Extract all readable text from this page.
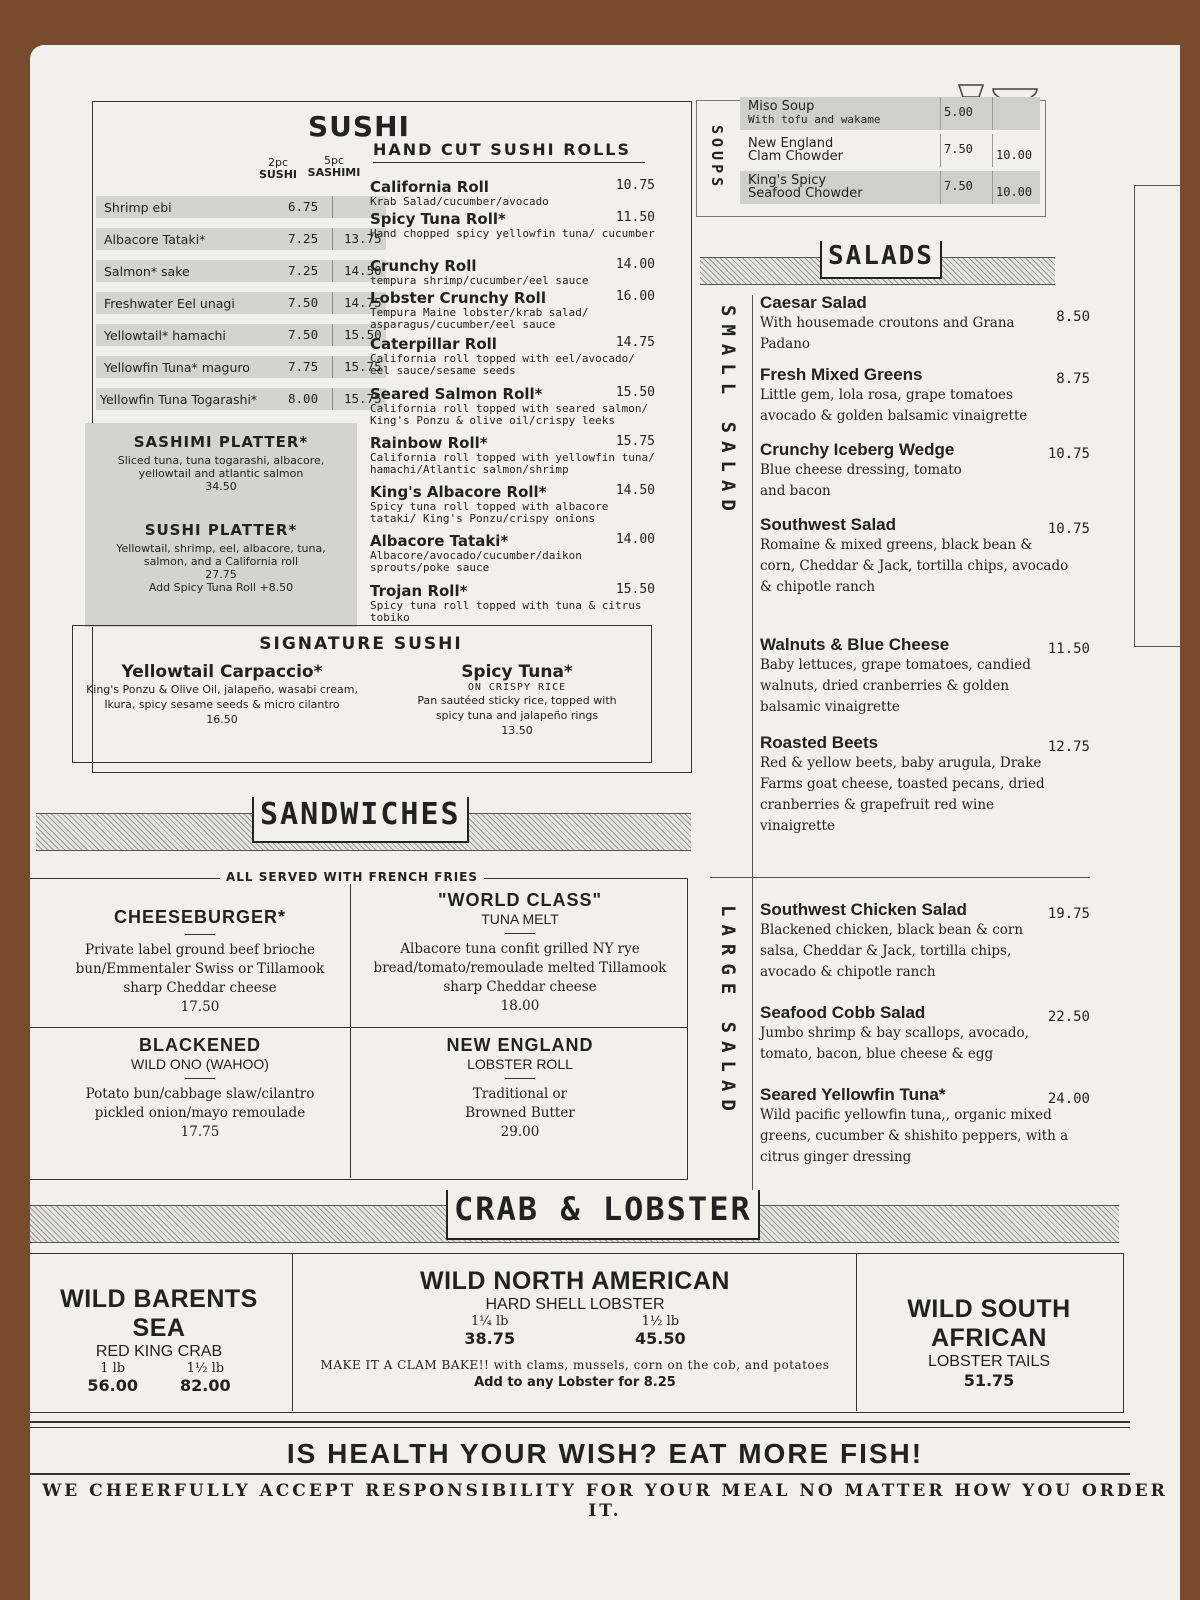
SUSHI
2pc
SUSHI
5pc
SASHIMI
Shrimp ebi	6.75
Albacore Tataki*	7.25 13.75
Salmon* sake	7.25 14.50
Freshwater Eel unagi	7.50 14.75
Yellowtail* hamachi	7.50 15.50
Yellowfin Tuna* maguro	7.75 15.75
Yellowfin Tuna Togarashi* 8.00 15.75
SASHIMI PLATTER*
Sliced tuna, tuna togarashi, albacore, yellowtail and atlantic salmon
34.50
SUSHI PLATTER*
Yellowtail, shrimp, eel, albacore, tuna, salmon, and a California roll
27.75
Add Spicy Tuna Roll +8.50
HAND CUT SUSHI ROLLS
California Roll
Krab Salad/cucumber/avocado
10.75
Spicy Tuna Roll*
Hand chopped spicy yellowfin tuna/ cucumber
11.50
Crunchy Roll
tempura shrimp/cucumber/eel sauce
14.00
Lobster Crunchy Roll
Tempura Maine lobster/krab salad/ asparagus/cucumber/eel sauce
16.00
Caterpillar Roll
California roll topped with eel/avocado/ eel sauce/sesame seeds
14.75
Seared Salmon Roll*
California roll topped with seared salmon/ King's Ponzu & olive oil/crispy leeks
15.50
Rainbow Roll*
California roll topped with yellowfin tuna/ hamachi/Atlantic salmon/shrimp
15.75
King's Albacore Roll*
Spicy tuna roll topped with albacore tataki/ King's Ponzu/crispy onions
14.50
Albacore Tataki*
Albacore/avocado/cucumber/daikon sprouts/poke sauce
14.00
Trojan Roll*
Spicy tuna roll topped with tuna & citrus tobiko
15.50
SIGNATURE SUSHI
Yellowtail Carpaccio*
King's Ponzu & Olive Oil, jalapeño, wasabi cream, Ikura, spicy sesame seeds & micro cilantro
16.50
Spicy Tuna*
ON CRISPY RICE
Pan sautéed sticky rice, topped with spicy tuna and jalapeño rings
13.50
SOUPS
Miso Soup
With tofu and wakame
5.00
New England
Clam Chowder	7.50 10.00
King's Spicy
Seafood Chowder	7.50 10.00
SALADS
SMALL SALAD
LARGE SALAD
Caesar Salad
With housemade croutons and Grana Padano
8.50
Fresh Mixed Greens
Little gem, lola rosa, grape tomatoes avocado & golden balsamic vinaigrette
8.75
Crunchy Iceberg Wedge
Blue cheese dressing, tomato and bacon
10.75
Southwest Salad
Romaine & mixed greens, black bean & corn, Cheddar & Jack, tortilla chips, avocado & chipotle ranch
10.75
Walnuts & Blue Cheese
Baby lettuces, grape tomatoes, candied walnuts, dried cranberries & golden balsamic vinaigrette
11.50
Roasted Beets
Red & yellow beets, baby arugula, Drake Farms goat cheese, toasted pecans, dried cranberries & grapefruit red wine vinaigrette
12.75
Southwest Chicken Salad
Blackened chicken, black bean & corn salsa, Cheddar & Jack, tortilla chips, avocado & chipotle ranch
19.75
Seafood Cobb Salad
Jumbo shrimp & bay scallops, avocado, tomato, bacon, blue cheese & egg
22.50
Seared Yellowfin Tuna*
Wild pacific yellowfin tuna,, organic mixed greens, cucumber & shishito peppers, with a citrus ginger dressing
24.00
SANDWICHES
ALL SERVED WITH FRENCH FRIES
CHEESEBURGER*
Private label ground beef brioche bun/Emmentaler Swiss or Tillamook sharp Cheddar cheese
17.50
"WORLD CLASS"
TUNA MELT
Albacore tuna confit grilled NY rye bread/tomato/remoulade melted Tillamook sharp Cheddar cheese
18.00
BLACKENED
WILD ONO (WAHOO)
Potato bun/cabbage slaw/cilantro pickled onion/mayo remoulade
17.75
NEW ENGLAND
LOBSTER ROLL
Traditional or Browned Butter
29.00
CRAB & LOBSTER
WILD BARENTS SEA
RED KING CRAB
1 lb
56.00
1½ lb
82.00
WILD NORTH AMERICAN
HARD SHELL LOBSTER
1¼ lb
38.75
1½ lb
45.50
MAKE IT A CLAM BAKE!! with clams, mussels, corn on the cob, and potatoes
Add to any Lobster for 8.25
WILD SOUTH AFRICAN
LOBSTER TAILS
51.75
IS HEALTH YOUR WISH? EAT MORE FISH!
WE CHEERFULLY ACCEPT RESPONSIBILITY FOR YOUR MEAL NO MATTER HOW YOU ORDER IT.
